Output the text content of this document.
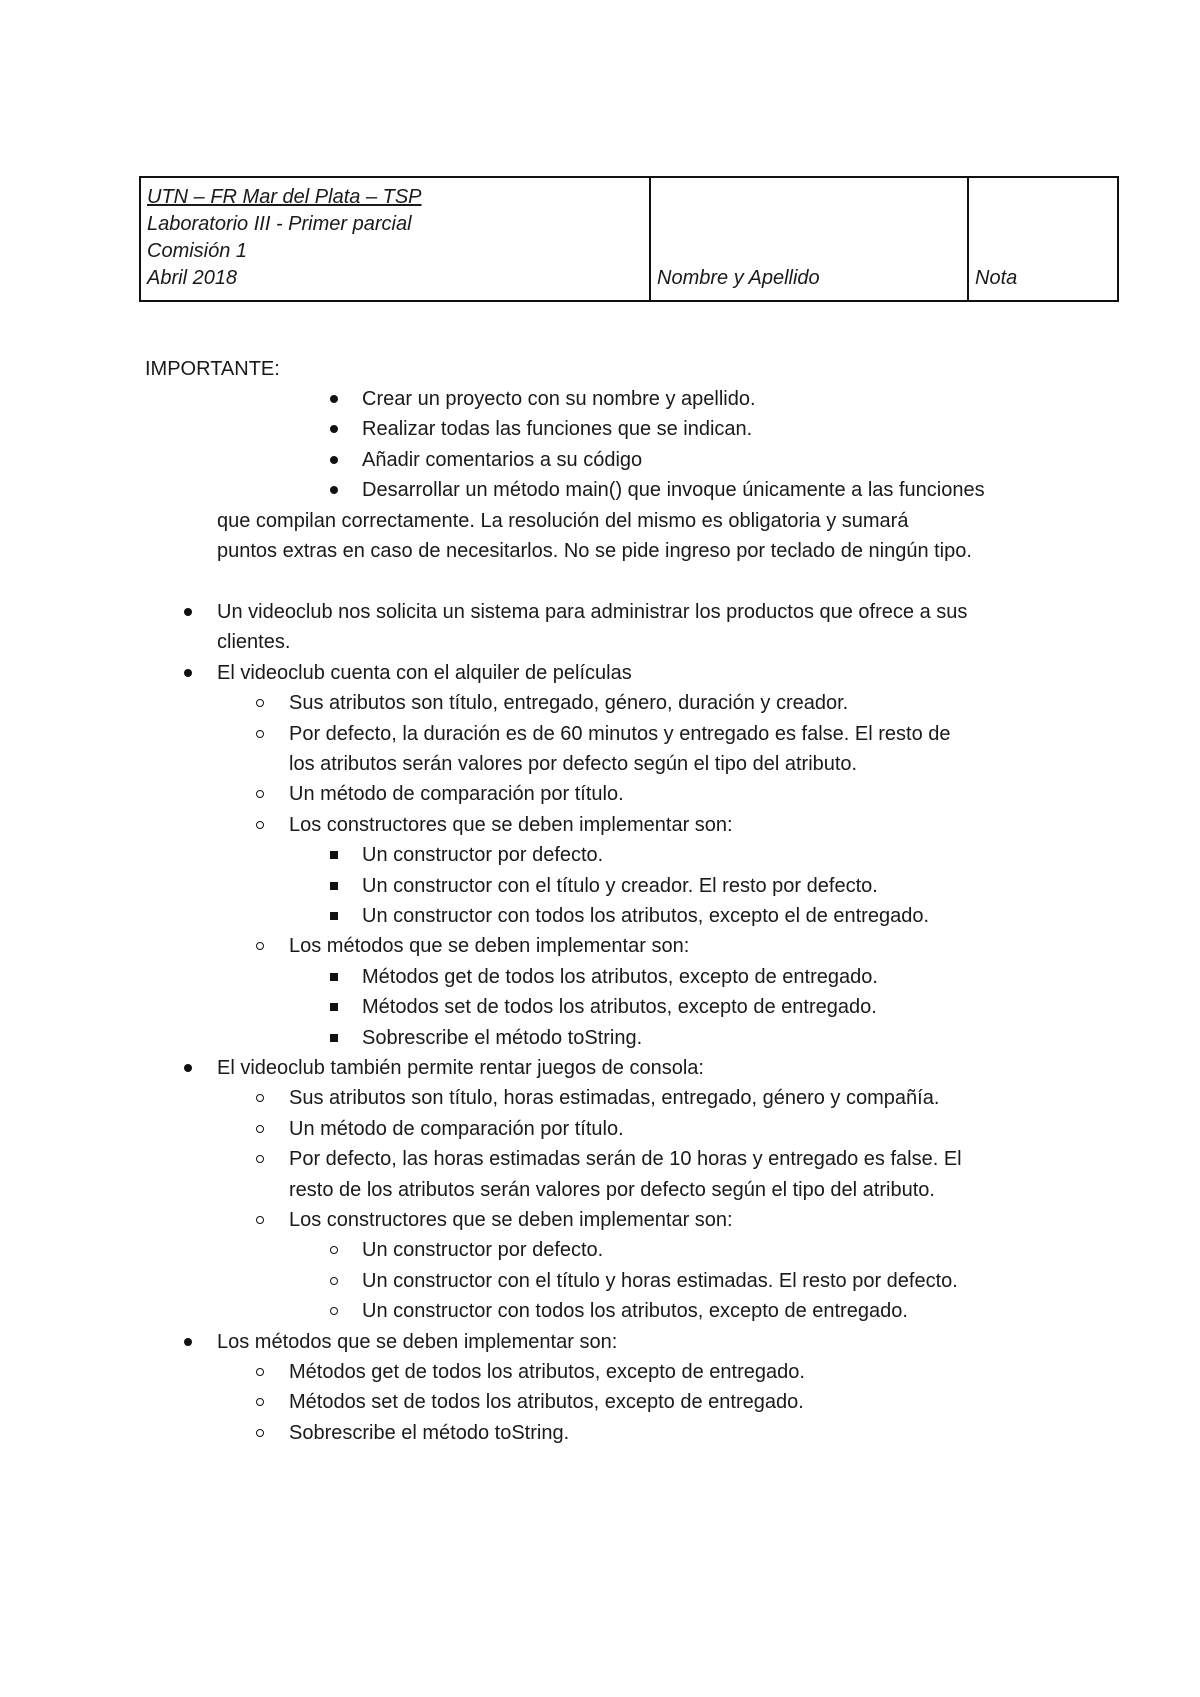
UTN – FR Mar del Plata – TSP
Laboratorio III - Primer parcial
Comisión 1
Abril 2018	Nombre y Apellido	Nota
IMPORTANTE:
Crear un proyecto con su nombre y apellido.
Realizar todas las funciones que se indican.
Añadir comentarios a su código
Desarrollar un método main() que invoque únicamente a las funciones
que compilan correctamente. La resolución del mismo es obligatoria y sumará
puntos extras en caso de necesitarlos. No se pide ingreso por teclado de ningún tipo.
Un videoclub nos solicita un sistema para administrar los productos que ofrece a sus
clientes.
El videoclub cuenta con el alquiler de películas
Sus atributos son título, entregado, género, duración y creador.
Por defecto, la duración es de 60 minutos y entregado es false. El resto de
los atributos serán valores por defecto según el tipo del atributo.
Un método de comparación por título.
Los constructores que se deben implementar son:
Un constructor por defecto.
Un constructor con el título y creador. El resto por defecto.
Un constructor con todos los atributos, excepto el de entregado.
Los métodos que se deben implementar son:
Métodos get de todos los atributos, excepto de entregado.
Métodos set de todos los atributos, excepto de entregado.
Sobrescribe el método toString.
El videoclub también permite rentar juegos de consola:
Sus atributos son título, horas estimadas, entregado, género y compañía.
Un método de comparación por título.
Por defecto, las horas estimadas serán de 10 horas y entregado es false. El
resto de los atributos serán valores por defecto según el tipo del atributo.
Los constructores que se deben implementar son:
Un constructor por defecto.
Un constructor con el título y horas estimadas. El resto por defecto.
Un constructor con todos los atributos, excepto de entregado.
Los métodos que se deben implementar son:
Métodos get de todos los atributos, excepto de entregado.
Métodos set de todos los atributos, excepto de entregado.
Sobrescribe el método toString.
